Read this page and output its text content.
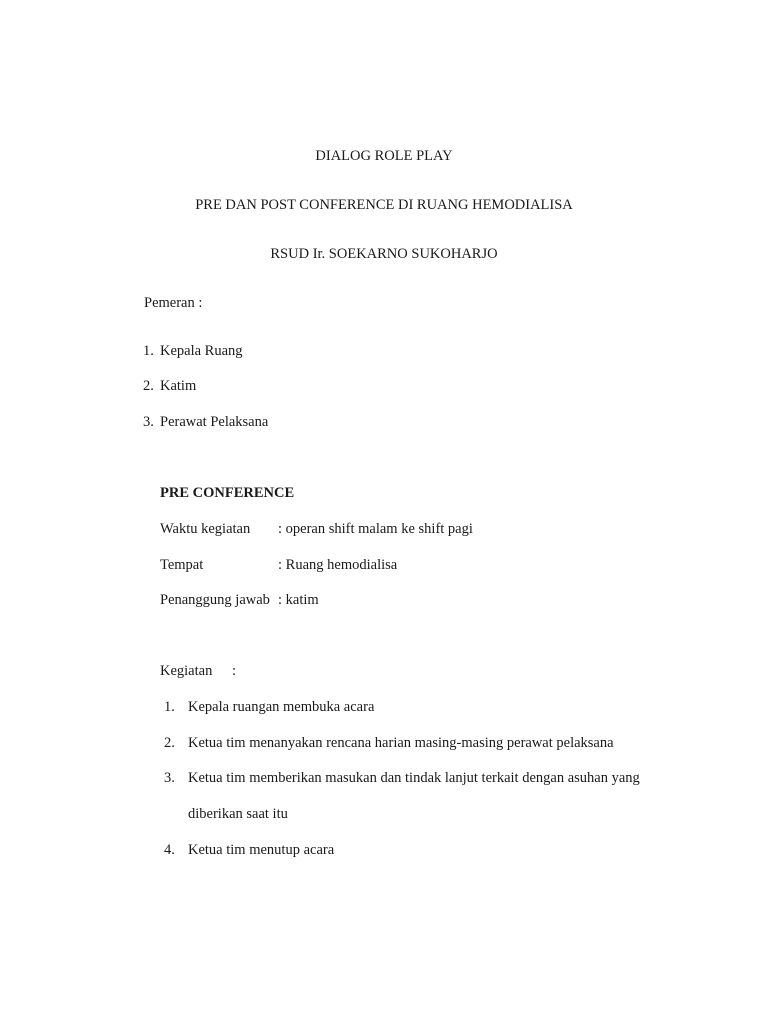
DIALOG ROLE PLAY
PRE DAN POST CONFERENCE DI RUANG HEMODIALISA
RSUD Ir. SOEKARNO SUKOHARJO
Pemeran :
1. Kepala Ruang
2. Katim
3. Perawat Pelaksana
PRE CONFERENCE
Waktu kegiatan : operan shift malam ke shift pagi
Tempat	: Ruang hemodialisa
Penanggung jawab : katim
Kegiatan :
1. Kepala ruangan membuka acara
2. Ketua tim menanyakan rencana harian masing-masing perawat pelaksana
3. Ketua tim memberikan masukan dan tindak lanjut terkait dengan asuhan yang
diberikan saat itu
4. Ketua tim menutup acara
